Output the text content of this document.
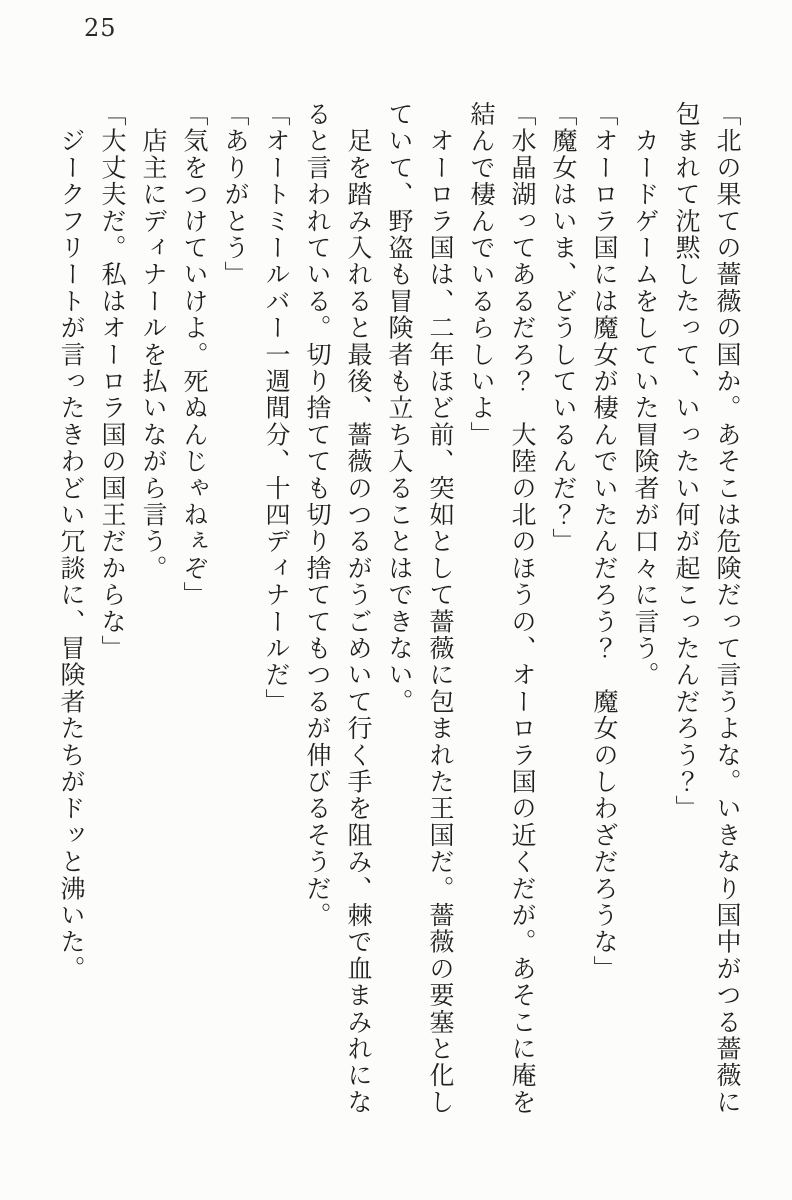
25

「北の果ての薔薇の国か。あそこは危険だって言うよな。いきなり国中がつる薔薇に包まれて沈黙したって、いったい何が起こったんだろう？」

　カードゲームをしていた冒険者が口々に言う。

「オーロラ国には魔女が棲んでいたんだろう？　魔女のしわざだろうな」

「魔女はいま、どうしているんだ？」

「水晶湖ってあるだろ？　大陸の北のほうの、オーロラ国の近くだが。あそこに庵を結んで棲んでいるらしいよ」

　オーロラ国は、二年ほど前、突如として薔薇に包まれた王国だ。薔薇の要塞と化していて、野盗も冒険者も立ち入ることはできない。

　足を踏み入れると最後、薔薇のつるがうごめいて行く手を阻み、棘で血まみれになると言われている。切り捨てても切り捨ててもつるが伸びるそうだ。

「オートミールバー一週間分、十四ディナールだ」

「ありがとう」

「気をつけていけよ。死ぬんじゃねぇぞ」

　店主にディナールを払いながら言う。

「大丈夫だ。私はオーロラ国の国王だからな」

　ジークフリートが言ったきわどい冗談に、冒険者たちがドッと沸いた。
